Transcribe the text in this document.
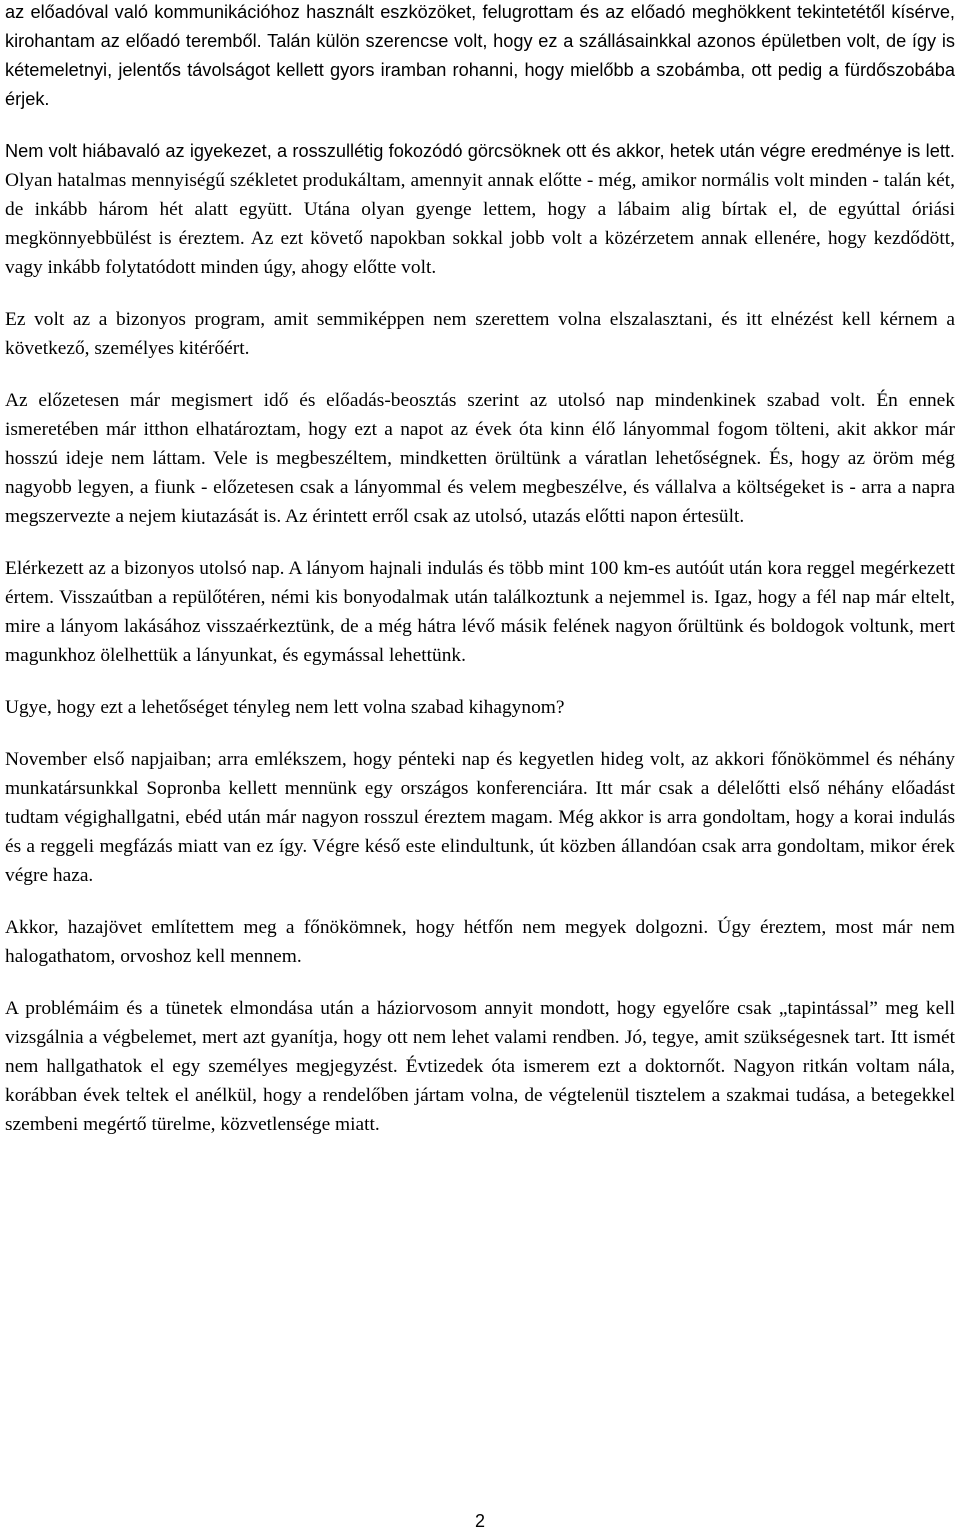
az előadóval való kommunikációhoz használt eszközöket, felugrottam és az előadó meghökkent tekintetétől kísérve, kirohantam az előadó teremből. Talán külön szerencse volt, hogy ez a szállásainkkal azonos épületben volt, de így is kétemeletnyi, jelentős távolságot kellett gyors iramban rohanni, hogy mielőbb a szobámba, ott pedig a fürdőszobába érjek.

Nem volt hiábavaló az igyekezet, a rosszullétig fokozódó görcsöknek ott és akkor, hetek után végre eredménye is lett. Olyan hatalmas mennyiségű székletet produkáltam, amennyit annak előtte - még, amikor normális volt minden - talán két, de inkább három hét alatt együtt. Utána olyan gyenge lettem, hogy a lábaim alig bírtak el, de egyúttal óriási megkönnyebbülést is éreztem. Az ezt követő napokban sokkal jobb volt a közérzetem annak ellenére, hogy kezdődött, vagy inkább folytatódott minden úgy, ahogy előtte volt.

Ez volt az a bizonyos program, amit semmiképpen nem szerettem volna elszalasztani, és itt elnézést kell kérnem a következő, személyes kitérőért.

Az előzetesen már megismert idő és előadás-beosztás szerint az utolsó nap mindenkinek szabad volt. Én ennek ismeretében már itthon elhatároztam, hogy ezt a napot az évek óta kinn élő lányommal fogom tölteni, akit akkor már hosszú ideje nem láttam. Vele is megbeszéltem, mindketten örültünk a váratlan lehetőségnek. És, hogy az öröm még nagyobb legyen, a fiunk - előzetesen csak a lányommal és velem megbeszélve, és vállalva a költségeket is - arra a napra megszervezte a nejem kiutazását is. Az érintett erről csak az utolsó, utazás előtti napon értesült.

Elérkezett az a bizonyos utolsó nap. A lányom hajnali indulás és több mint 100 km-es autóút után kora reggel megérkezett értem. Visszaútban a repülőtéren, némi kis bonyodalmak után találkoztunk a nejemmel is. Igaz, hogy a fél nap már eltelt, mire a lányom lakásához visszaérkeztünk, de a még hátra lévő másik felének nagyon őrültünk és boldogok voltunk, mert magunkhoz ölelhettük a lányunkat, és egymással lehettünk.

Ugye, hogy ezt a lehetőséget tényleg nem lett volna szabad kihagynom?

November első napjaiban; arra emlékszem, hogy pénteki nap és kegyetlen hideg volt, az akkori főnökömmel és néhány munkatársunkkal Sopronba kellett mennünk egy országos konferenciára. Itt már csak a délelőtti első néhány előadást tudtam végighallgatni, ebéd után már nagyon rosszul éreztem magam. Még akkor is arra gondoltam, hogy a korai indulás és a reggeli megfázás miatt van ez így. Végre késő este elindultunk, út közben állandóan csak arra gondoltam, mikor érek végre haza.

Akkor, hazajövet említettem meg a főnökömnek, hogy hétfőn nem megyek dolgozni. Úgy éreztem, most már nem halogathatom, orvoshoz kell mennem.

A problémáim és a tünetek elmondása után a háziorvosom annyit mondott, hogy egyelőre csak „tapintással” meg kell vizsgálnia a végbelemet, mert azt gyanítja, hogy ott nem lehet valami rendben. Jó, tegye, amit szükségesnek tart. Itt ismét nem hallgathatok el egy személyes megjegyzést. Évtizedek óta ismerem ezt a doktornőt. Nagyon ritkán voltam nála, korábban évek teltek el anélkül, hogy a rendelőben jártam volna, de végtelenül tisztelem a szakmai tudása, a betegekkel szembeni megértő türelme, közvetlensége miatt.

2
